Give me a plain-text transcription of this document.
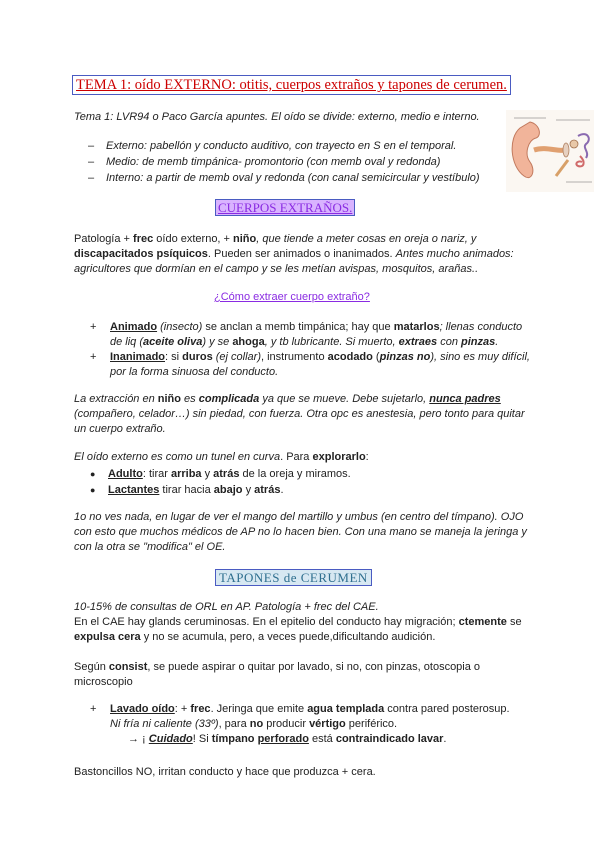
TEMA 1: oído EXTERNO: otitis, cuerpos extraños y tapones de cerumen.
Tema 1: LVR94 o Paco García apuntes. El oído se divide: externo, medio e interno.
– Externo: pabellón y conducto auditivo, con trayecto en S en el temporal.
– Medio: de memb timpánica- promontorio (con memb oval y redonda)
– Interno: a partir de memb oval y redonda (con canal semicircular y vestíbulo)
CUERPOS EXTRAÑOS.
Patología + frec oído externo, + niño, que tiende a meter cosas en oreja o nariz, y discapacitados psíquicos. Pueden ser animados o inanimados. Antes mucho animados: agricultores que dormían en el campo y se les metían avispas, mosquitos, arañas..
¿Cómo extraer cuerpo extraño?
+ Animado (insecto) se anclan a memb timpánica; hay que matarlos; llenas conducto de liq (aceite oliva) y se ahoga, y tb lubricante. Si muerto, extraes con pinzas.
+ Inanimado: si duros (ej collar), instrumento acodado (pinzas no), sino es muy difícil, por la forma sinuosa del conducto.
La extracción en niño es complicada ya que se mueve. Debe sujetarlo, nunca padres (compañero, celador…) sin piedad, con fuerza. Otra opc es anestesia, pero tonto para quitar un cuerpo extraño.
El oído externo es como un tunel en curva. Para explorarlo:
● Adulto: tirar arriba y atrás de la oreja y miramos.
● Lactantes tirar hacia abajo y atrás.
1o no ves nada, en lugar de ver el mango del martillo y umbus (en centro del tímpano). OJO con esto que muchos médicos de AP no lo hacen bien. Con una mano se maneja la jeringa y con la otra se "modifica" el OE.
TAPONES de CERUMEN
10-15% de consultas de ORL en AP. Patología + frec del CAE.
En el CAE hay glands ceruminosas. En el epitelio del conducto hay migración; ctemente se expulsa cera y no se acumula, pero, a veces puede,dificultando audición.
Según consist, se puede aspirar o quitar por lavado, si no, con pinzas, otoscopia o microscopio
+ Lavado oído: + frec. Jeringa que emite agua templada contra pared posterosup.
Ni fría ni caliente (33º), para no producir vértigo periférico.
→ ¡ Cuidado! Si tímpano perforado está contraindicado lavar.
Bastoncillos NO, irritan conducto y hace que produzca + cera.
